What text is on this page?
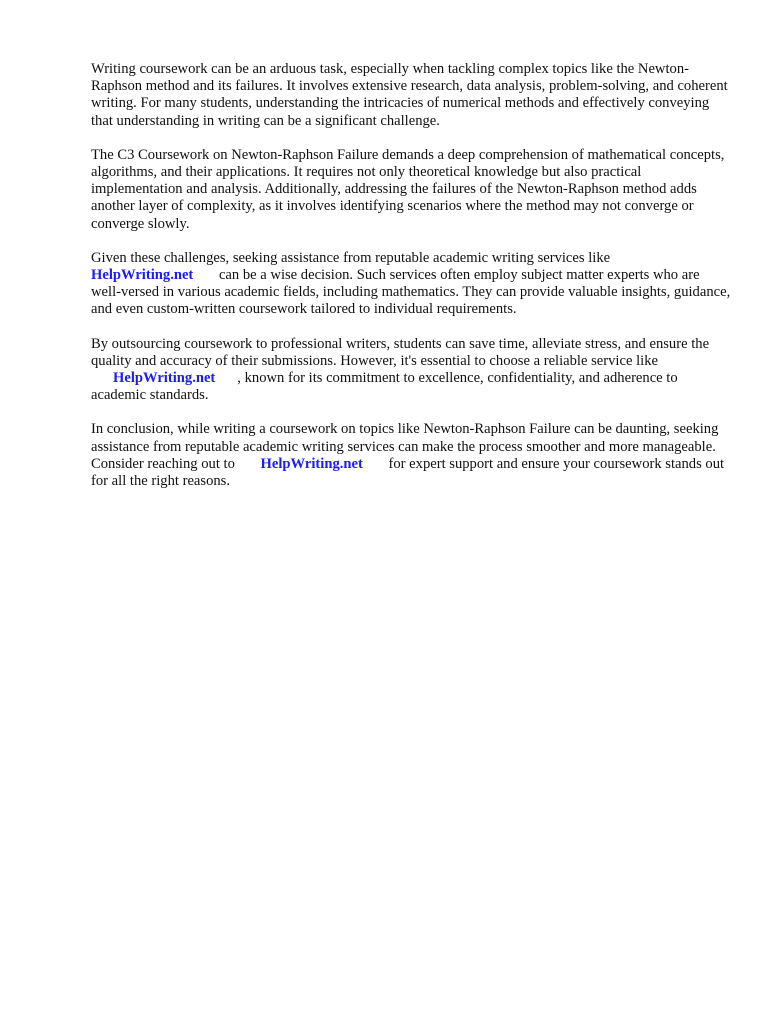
Writing coursework can be an arduous task, especially when tackling complex topics like the Newton-Raphson method and its failures. It involves extensive research, data analysis, problem-solving, and coherent writing. For many students, understanding the intricacies of numerical methods and effectively conveying that understanding in writing can be a significant challenge.

The C3 Coursework on Newton-Raphson Failure demands a deep comprehension of mathematical concepts, algorithms, and their applications. It requires not only theoretical knowledge but also practical implementation and analysis. Additionally, addressing the failures of the Newton-Raphson method adds another layer of complexity, as it involves identifying scenarios where the method may not converge or converge slowly.

Given these challenges, seeking assistance from reputable academic writing services like HelpWriting.net can be a wise decision. Such services often employ subject matter experts who are well-versed in various academic fields, including mathematics. They can provide valuable insights, guidance, and even custom-written coursework tailored to individual requirements.

By outsourcing coursework to professional writers, students can save time, alleviate stress, and ensure the quality and accuracy of their submissions. However, it's essential to choose a reliable service like HelpWriting.net , known for its commitment to excellence, confidentiality, and adherence to academic standards.

In conclusion, while writing a coursework on topics like Newton-Raphson Failure can be daunting, seeking assistance from reputable academic writing services can make the process smoother and more manageable. Consider reaching out to HelpWriting.net for expert support and ensure your coursework stands out for all the right reasons.
